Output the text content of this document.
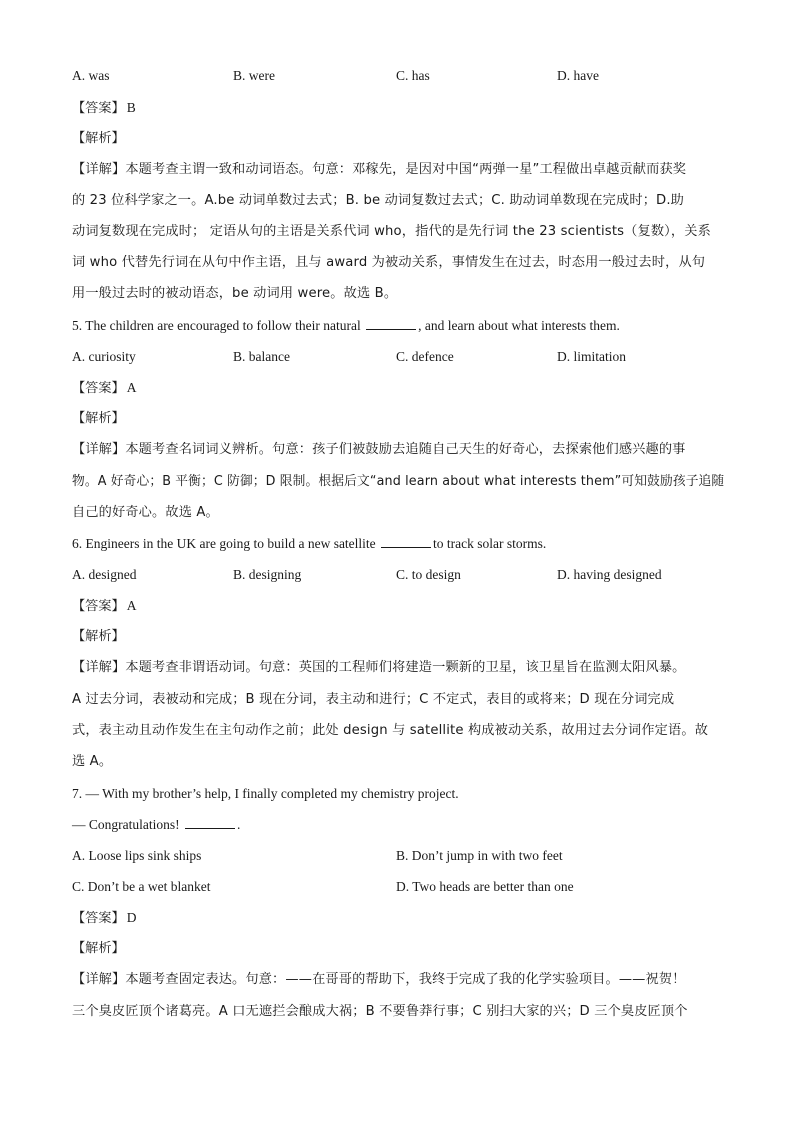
A. was	B. were	C. has	D. have
【答案】 B
【解析】
【详解】本题考查主谓一致和动词语态。句意：邓稼先，是因对中国“两弹一星”工程做出卓越贡献而获奖
的 23 位科学家之一。A.be 动词单数过去式；B. be 动词复数过去式；C. 助动词单数现在完成时；D.助
动词复数现在完成时； 定语从句的主语是关系代词 who，指代的是先行词 the 23 scientists（复数），关系
词 who 代替先行词在从句中作主语，且与 award 为被动关系，事情发生在过去，时态用一般过去时，从句
用一般过去时的被动语态，be 动词用 were。故选 B。
5. The children are encouraged to follow their natural	, and learn about what interests them.
A. curiosity	B. balance	C. defence	D. limitation
【答案】 A
【解析】
【详解】本题考查名词词义辨析。句意：孩子们被鼓励去追随自己天生的好奇心，去探索他们感兴趣的事
物。A 好奇心；B 平衡；C 防御；D 限制。根据后文“and learn about what interests them”可知鼓励孩子追随
自己的好奇心。故选 A。
6. Engineers in the UK are going to build a new satellite	to track solar storms.
A. designed	B. designing	C. to design	D. having designed
【答案】 A
【解析】
【详解】本题考查非谓语动词。句意：英国的工程师们将建造一颗新的卫星，该卫星旨在监测太阳风暴。
A 过去分词，表被动和完成；B 现在分词，表主动和进行；C 不定式，表目的或将来；D 现在分词完成
式，表主动且动作发生在主句动作之前；此处 design 与 satellite 构成被动关系，故用过去分词作定语。故
选 A。
7. — With my brother’s help, I finally completed my chemistry project.
— Congratulations!	.
A. Loose lips sink ships	B. Don’t jump in with two feet
C. Don’t be a wet blanket	D. Two heads are better than one
【答案】 D
【解析】
【详解】本题考查固定表达。句意：——在哥哥的帮助下，我终于完成了我的化学实验项目。——祝贺！
三个臭皮匠顶个诸葛亮。A 口无遮拦会酿成大祸；B 不要鲁莽行事；C 别扫大家的兴；D 三个臭皮匠顶个
